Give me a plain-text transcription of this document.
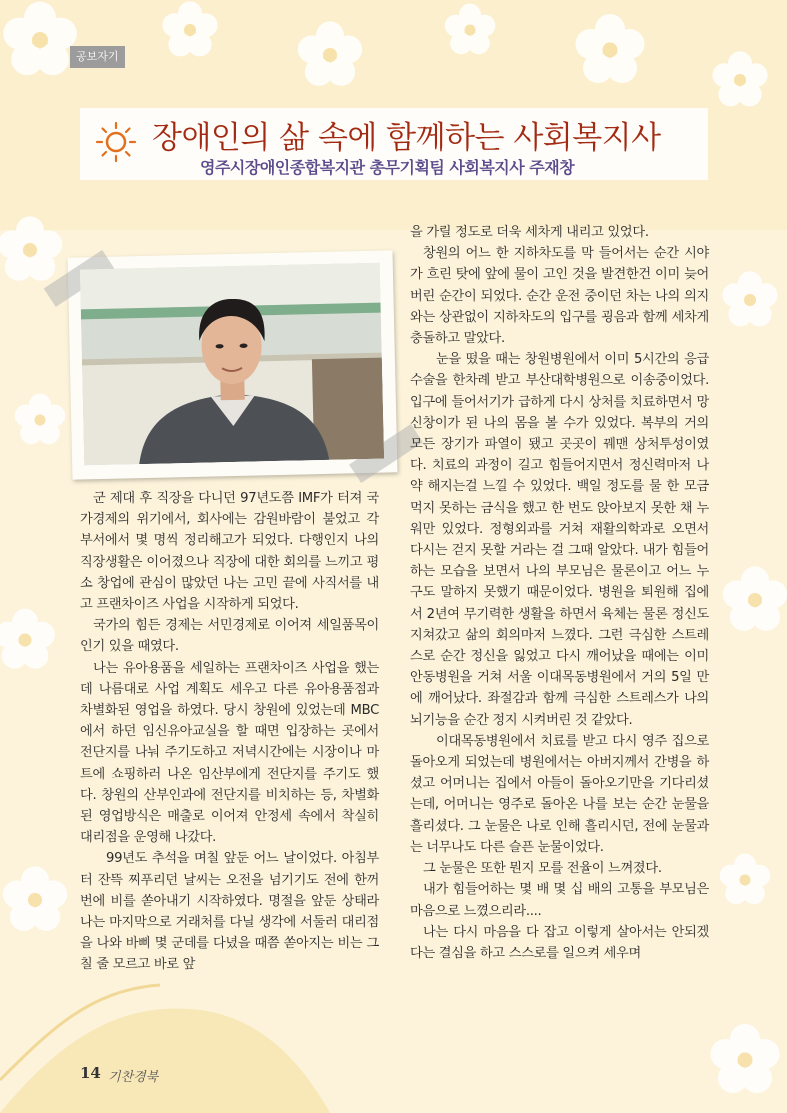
공보자기
장애인의 삶 속에 함께하는 사회복지사
영주시장애인종합복지관 총무기획팀 사회복지사 주재창

군 제대 후 직장을 다니던 97년도쯤 IMF가 터져 국가경제의 위기에서, 회사에는 감원바람이 불었고 각 부서에서 몇 명씩 정리해고가 되었다. 다행인지 나의 직장생활은 이어졌으나 직장에 대한 회의를 느끼고 평소 창업에 관심이 많았던 나는 고민 끝에 사직서를 내고 프랜차이즈 사업을 시작하게 되었다.

국가의 힘든 경제는 서민경제로 이어져 세일품목이 인기 있을 때였다.

나는 유아용품을 세일하는 프랜차이즈 사업을 했는데 나름대로 사업 계획도 세우고 다른 유아용품점과 차별화된 영업을 하였다. 당시 창원에 있었는데 MBC에서 하던 임신유아교실을 할 때면 입장하는 곳에서 전단지를 나눠 주기도하고 저녁시간에는 시장이나 마트에 쇼핑하러 나온 임산부에게 전단지를 주기도 했다. 창원의 산부인과에 전단지를 비치하는 등, 차별화된 영업방식은 매출로 이어져 안정세 속에서 착실히 대리점을 운영해 나갔다.

99년도 추석을 며칠 앞둔 어느 날이었다. 아침부터 잔뜩 찌푸리던 날씨는 오전을 넘기기도 전에 한꺼번에 비를 쏟아내기 시작하였다. 명절을 앞둔 상태라 나는 마지막으로 거래처를 다닐 생각에 서둘러 대리점을 나와 바삐 몇 군데를 다녔을 때쯤 쏟아지는 비는 그칠 줄 모르고 바로 앞

을 가릴 정도로 더욱 세차게 내리고 있었다.

창원의 어느 한 지하차도를 막 들어서는 순간 시야가 흐린 탓에 앞에 물이 고인 것을 발견한건 이미 늦어 버린 순간이 되었다. 순간 운전 중이던 차는 나의 의지와는 상관없이 지하차도의 입구를 굉음과 함께 세차게 충돌하고 말았다.

눈을 떴을 때는 창원병원에서 이미 5시간의 응급수술을 한차례 받고 부산대학병원으로 이송중이었다. 입구에 들어서기가 급하게 다시 상처를 치료하면서 망신창이가 된 나의 몸을 볼 수가 있었다. 복부의 거의 모든 장기가 파열이 됐고 곳곳이 꿰맨 상처투성이였다. 치료의 과정이 길고 힘들어지면서 정신력마저 나약 해지는걸 느낄 수 있었다. 백일 정도를 물 한 모금 먹지 못하는 금식을 했고 한 번도 앉아보지 못한 채 누워만 있었다. 정형외과를 거쳐 재활의학과로 오면서 다시는 걷지 못할 거라는 걸 그때 알았다. 내가 힘들어하는 모습을 보면서 나의 부모님은 물론이고 어느 누구도 말하지 못했기 때문이었다. 병원을 퇴원해 집에서 2년여 무기력한 생활을 하면서 육체는 물론 정신도 지쳐갔고 삶의 회의마저 느꼈다. 그런 극심한 스트레스로 순간 정신을 잃었고 다시 깨어났을 때에는 이미 안동병원을 거쳐 서울 이대목동병원에서 거의 5일 만에 깨어났다. 좌절감과 함께 극심한 스트레스가 나의 뇌기능을 순간 정지 시켜버린 것 같았다.

이대목동병원에서 치료를 받고 다시 영주 집으로 돌아오게 되었는데 병원에서는 아버지께서 간병을 하셨고 어머니는 집에서 아들이 돌아오기만을 기다리셨는데, 어머니는 영주로 돌아온 나를 보는 순간 눈물을 흘리셨다. 그 눈물은 나로 인해 흘리시던, 전에 눈물과는 너무나도 다른 슬픈 눈물이었다.

그 눈물은 또한 뭔지 모를 전율이 느껴졌다.

내가 힘들어하는 몇 배 몇 십 배의 고통을 부모님은 마음으로 느꼈으리라....

나는 다시 마음을 다 잡고 이렇게 살아서는 안되겠다는 결심을 하고 스스로를 일으켜 세우며

14 기찬경북
